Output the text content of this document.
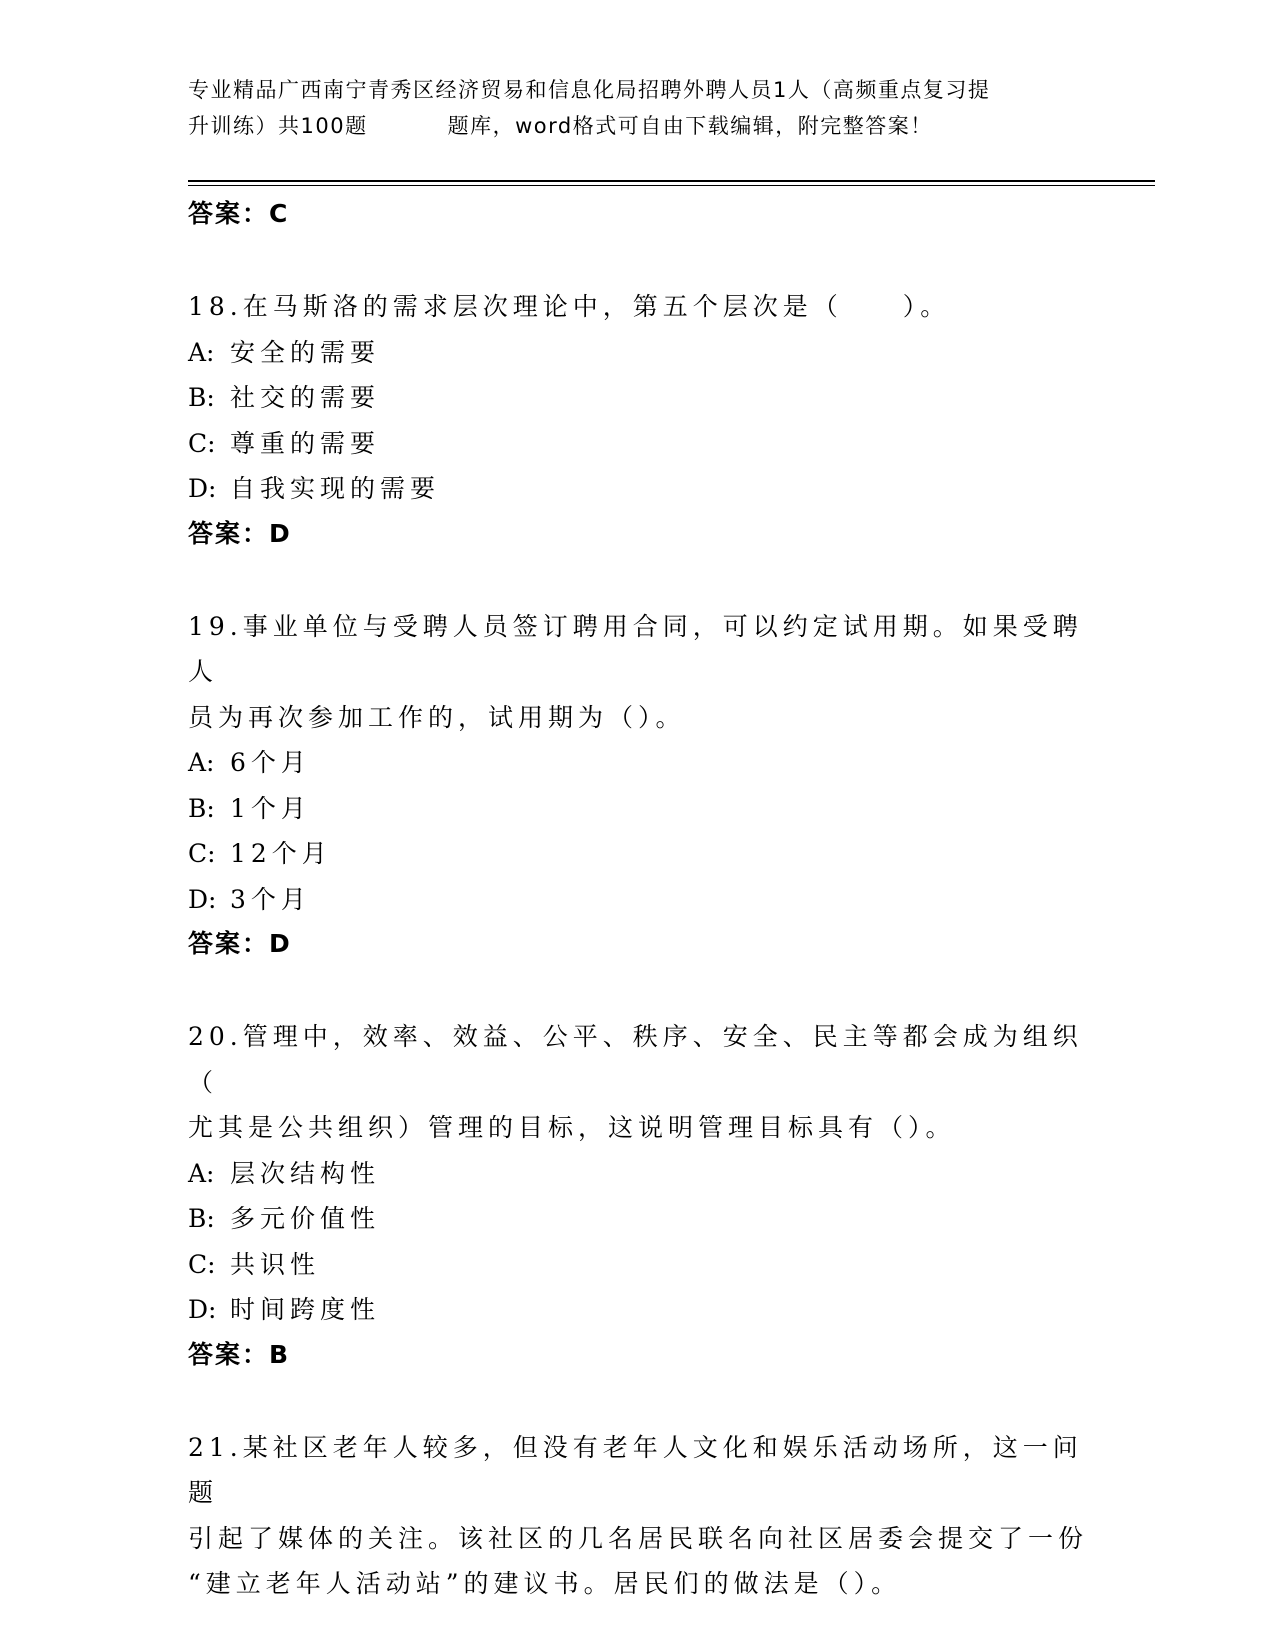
专业精品广西南宁青秀区经济贸易和信息化局招聘外聘人员1人（高频重点复习提
升训练）共100题	题库，word格式可自由下载编辑，附完整答案！
答案：C
18.在马斯洛的需求层次理论中，第五个层次是（　　）。
A: 安全的需要
B: 社交的需要
C: 尊重的需要
D: 自我实现的需要
答案：D
19.事业单位与受聘人员签订聘用合同，可以约定试用期。如果受聘人
员为再次参加工作的，试用期为（）。
A: 6个月
B: 1个月
C: 12个月
D: 3个月
答案：D
20.管理中，效率、效益、公平、秩序、安全、民主等都会成为组织（
尤其是公共组织）管理的目标，这说明管理目标具有（）。
A: 层次结构性
B: 多元价值性
C: 共识性
D: 时间跨度性
答案：B
21.某社区老年人较多，但没有老年人文化和娱乐活动场所，这一问题
引起了媒体的关注。该社区的几名居民联名向社区居委会提交了一份
“建立老年人活动站”的建议书。居民们的做法是（）。
